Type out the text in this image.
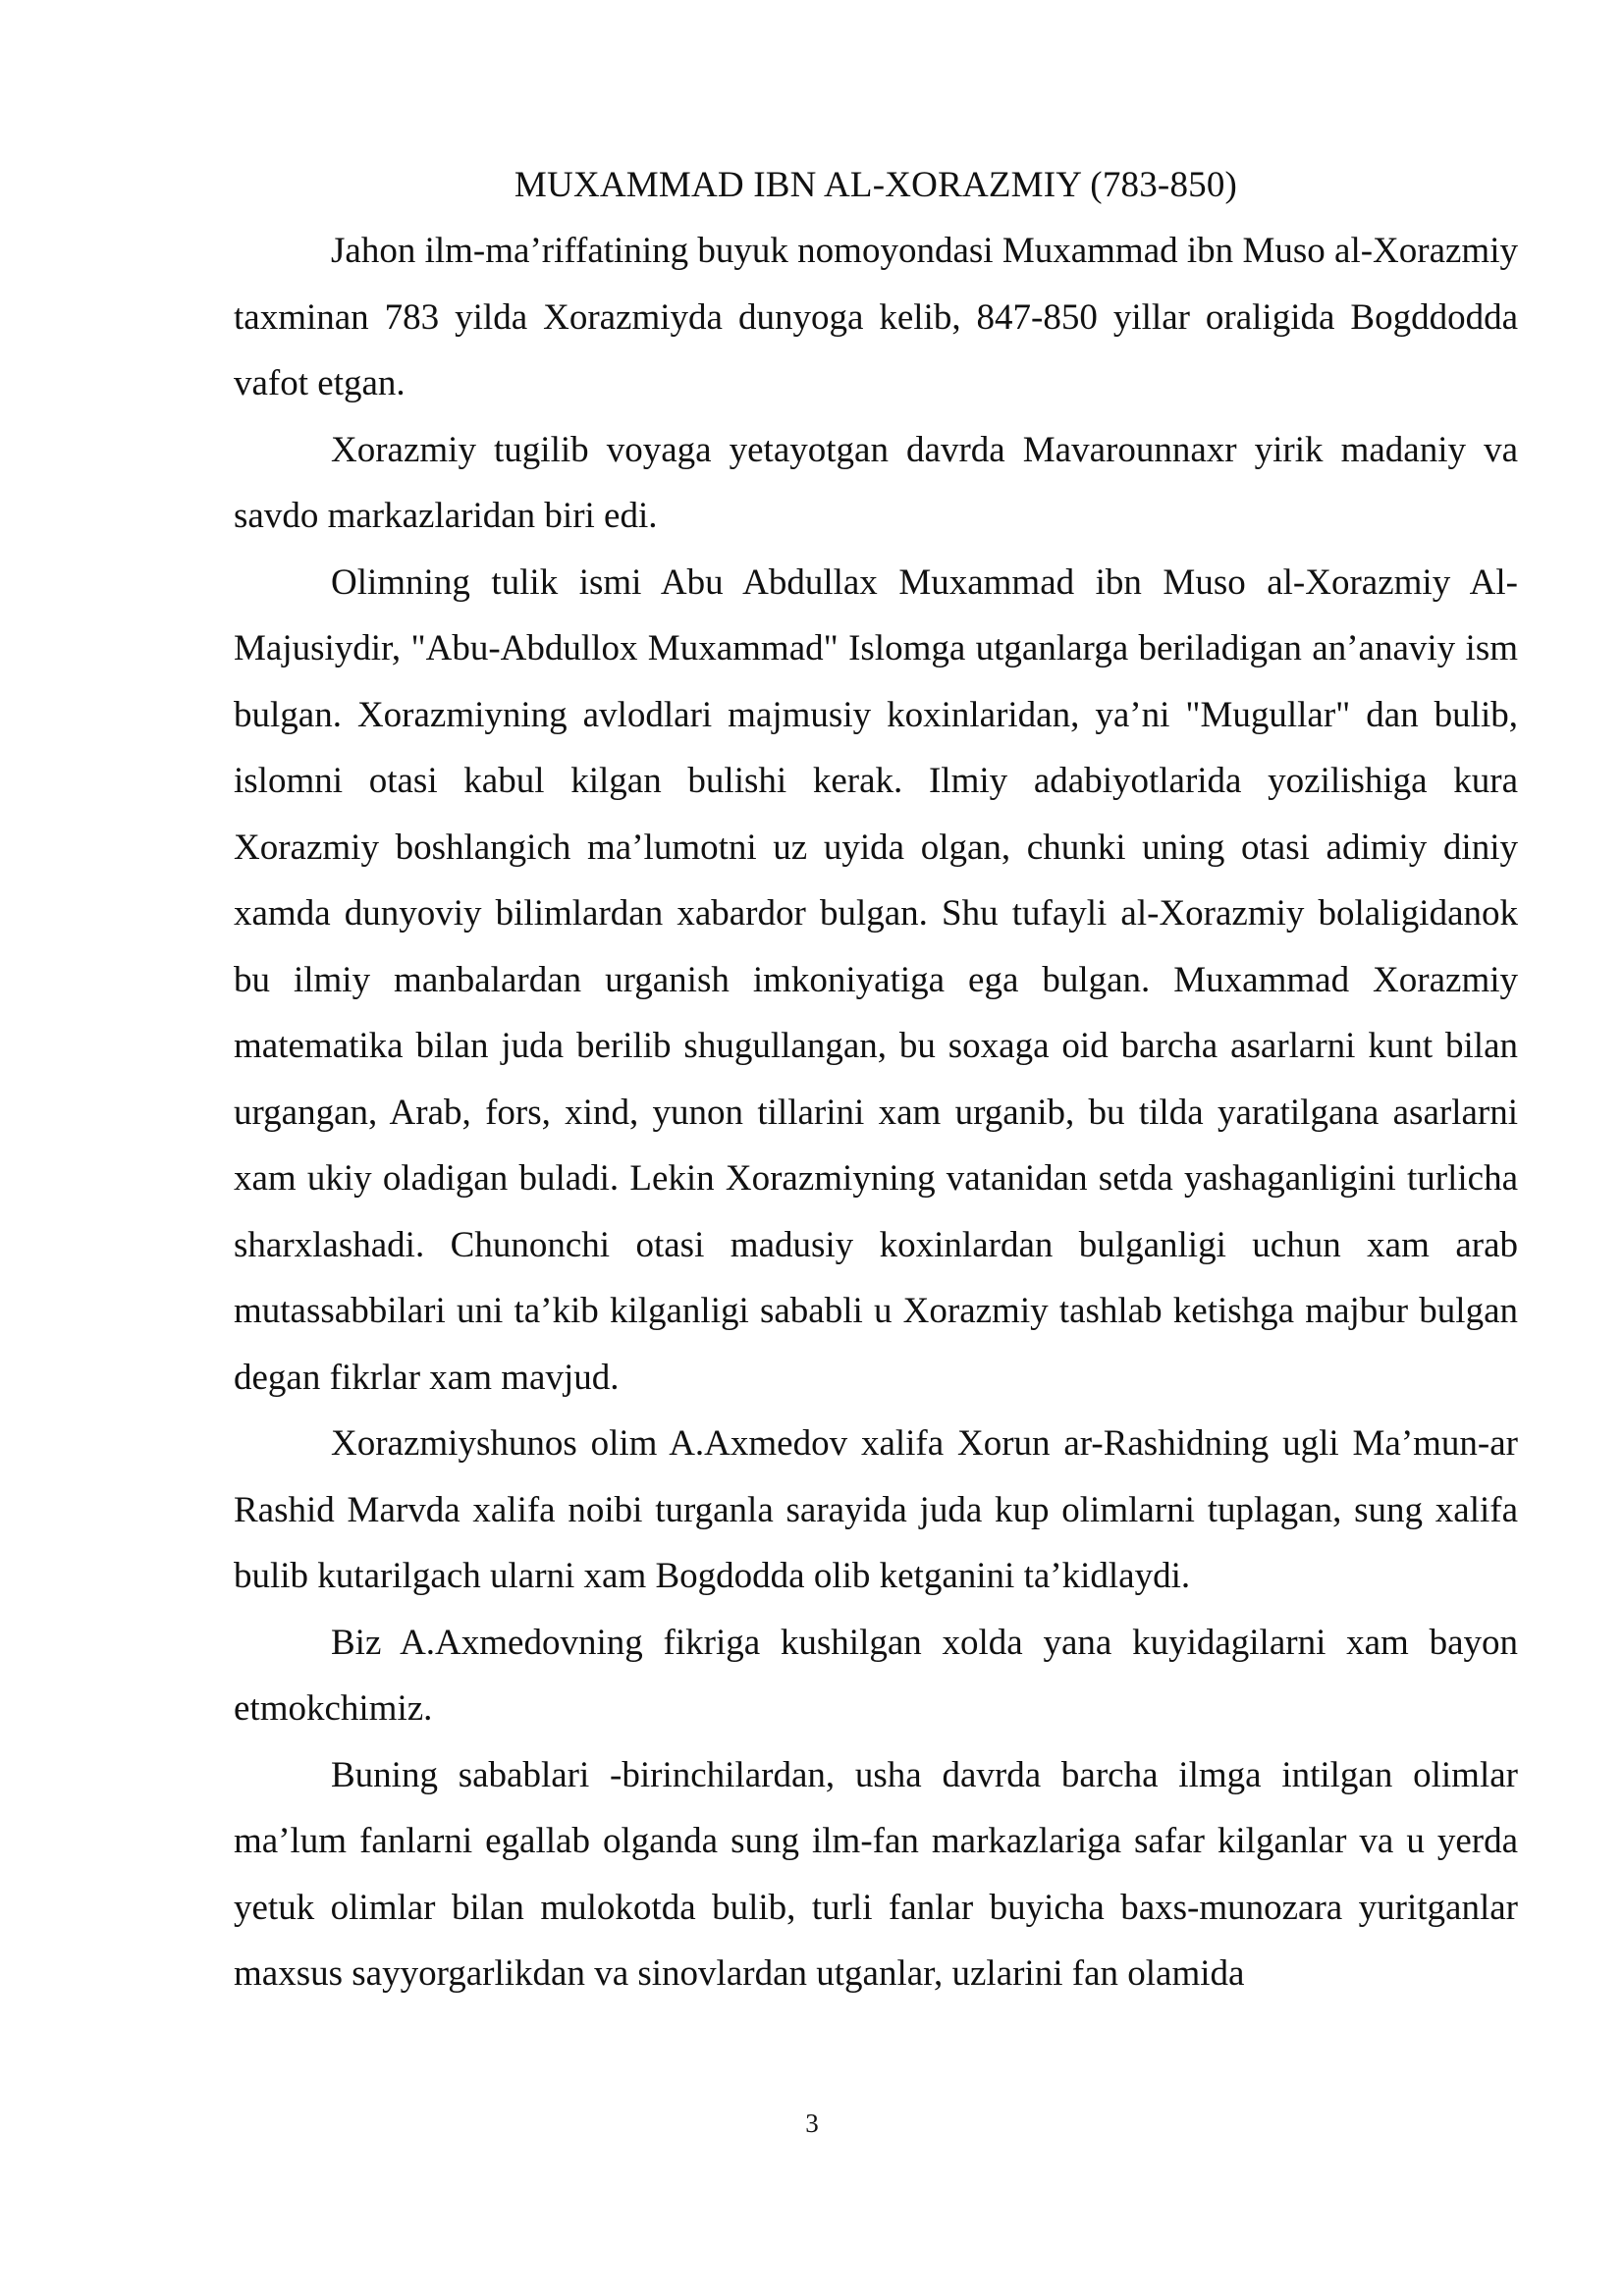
MUXAMMAD IBN AL-XORAZMIY (783-850)

Jahon ilm-ma’riffatining buyuk nomoyondasi Muxammad ibn Muso al-Xorazmiy taxminan 783 yilda Xorazmiyda dunyoga kelib, 847-850 yillar oraligida Bogddodda vafot etgan.

Xorazmiy tugilib voyaga yetayotgan davrda Mavarounnaxr yirik madaniy va savdo markazlaridan biri edi.

Olimning tulik ismi Abu Abdullax Muxammad ibn Muso al-Xorazmiy Al-Majusiydir, "Abu-Abdullox Muxammad" Islomga utganlarga beriladigan an’anaviy ism bulgan. Xorazmiyning avlodlari majmusiy koxinlaridan, ya’ni "Mugullar" dan bulib, islomni otasi kabul kilgan bulishi kerak. Ilmiy adabiyotlarida yozilishiga kura Xorazmiy boshlangich ma’lumotni uz uyida olgan, chunki uning otasi adimiy diniy xamda dunyoviy bilimlardan xabardor bulgan. Shu tufayli al-Xorazmiy bolaligidanok bu ilmiy manbalardan urganish imkoniyatiga ega bulgan. Muxammad Xorazmiy matematika bilan juda berilib shugullangan, bu soxaga oid barcha asarlarni kunt bilan urgangan, Arab, fors, xind, yunon tillarini xam urganib, bu tilda yaratilgana asarlarni xam ukiy oladigan buladi. Lekin Xorazmiyning vatanidan setda yashaganligini turlicha sharxlashadi. Chunonchi otasi madusiy koxinlardan bulganligi uchun xam arab mutassabbilari uni ta’kib kilganligi sababli u Xorazmiy tashlab ketishga majbur bulgan degan fikrlar xam mavjud.

Xorazmiyshunos olim A.Axmedov xalifa Xorun ar-Rashidning ugli Ma’mun-ar Rashid Marvda xalifa noibi turganla sarayida juda kup olimlarni tuplagan, sung xalifa bulib kutarilgach ularni xam Bogdodda olib ketganini ta’kidlaydi.

Biz A.Axmedovning fikriga kushilgan xolda yana kuyidagilarni xam bayon etmokchimiz.

Buning sabablari -birinchilardan, usha davrda barcha ilmga intilgan olimlar ma’lum fanlarni egallab olganda sung ilm-fan markazlariga safar kilganlar va u yerda yetuk olimlar bilan mulokotda bulib, turli fanlar buyicha baxs-munozara yuritganlar maxsus sayyorgarlikdan va sinovlardan utganlar, uzlarini fan olamida

3
